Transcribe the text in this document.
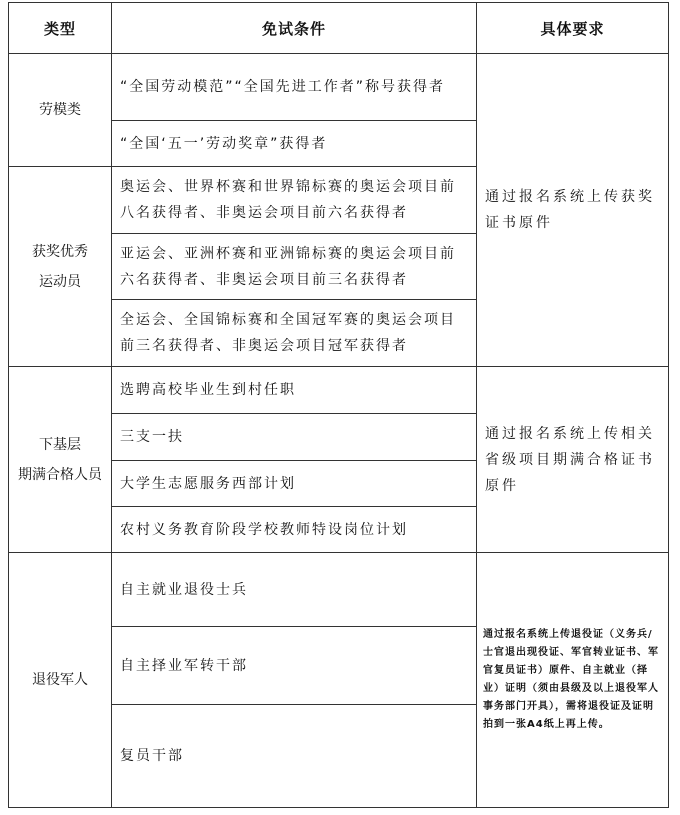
类型	免试条件	具体要求

劳模类	“全国劳动模范”“全国先进工作者”称号获得者	通过报名系统上传获奖证书原件
	“全国‘五一’劳动奖章”获得者	

获奖优秀
运动员	奥运会、世界杯赛和世界锦标赛的奥运会项目前八名获得者、非奥运会项目前六名获得者	
	亚运会、亚洲杯赛和亚洲锦标赛的奥运会项目前六名获得者、非奥运会项目前三名获得者	
	全运会、全国锦标赛和全国冠军赛的奥运会项目前三名获得者、非奥运会项目冠军获得者	

下基层
期满合格人员	选聘高校毕业生到村任职	通过报名系统上传相关省级项目期满合格证书原件
	三支一扶	
	大学生志愿服务西部计划	
	农村义务教育阶段学校教师特设岗位计划	

退役军人	自主就业退役士兵	通过报名系统上传退役证（义务兵/士官退出现役证、军官转业证书、军官复员证书）原件、自主就业（择业）证明（须由县级及以上退役军人事务部门开具），需将退役证及证明拍到一张A4纸上再上传。
	自主择业军转干部	
	复员干部	
